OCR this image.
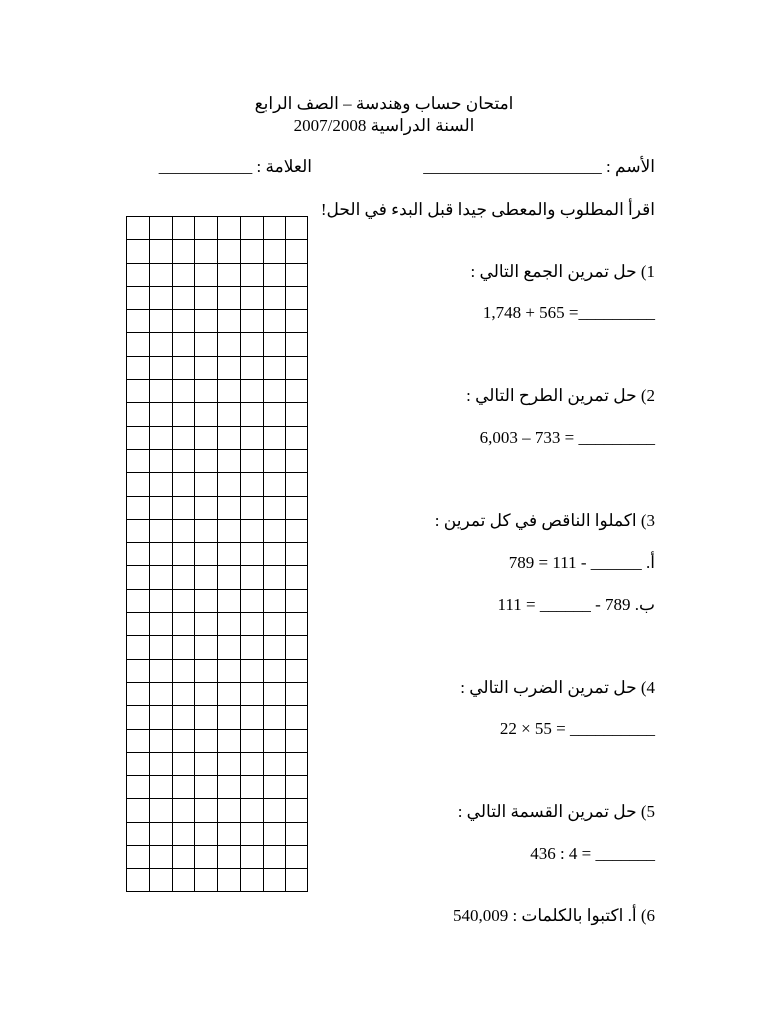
امتحان حساب وهندسة – الصف الرابع
السنة الدراسية 2007/2008
الأسم : _____________________
العلامة : ___________
اقرأ المطلوب والمعطى جيدا قبل البدء في الحل!
1) حل تمرين الجمع التالي :
1,748 + 565 =_________
2) حل تمرين الطرح التالي :
6,003 – 733 = _________
3) اكملوا الناقص في كل تمرين :
أ. ______ - 111 = 789
ب. 789 - ______ = 111
4) حل تمرين الضرب التالي :
22 × 55 = __________
5) حل تمرين القسمة التالي :
436 : 4 = _______
6) أ. اكتبوا بالكلمات : 540,009
